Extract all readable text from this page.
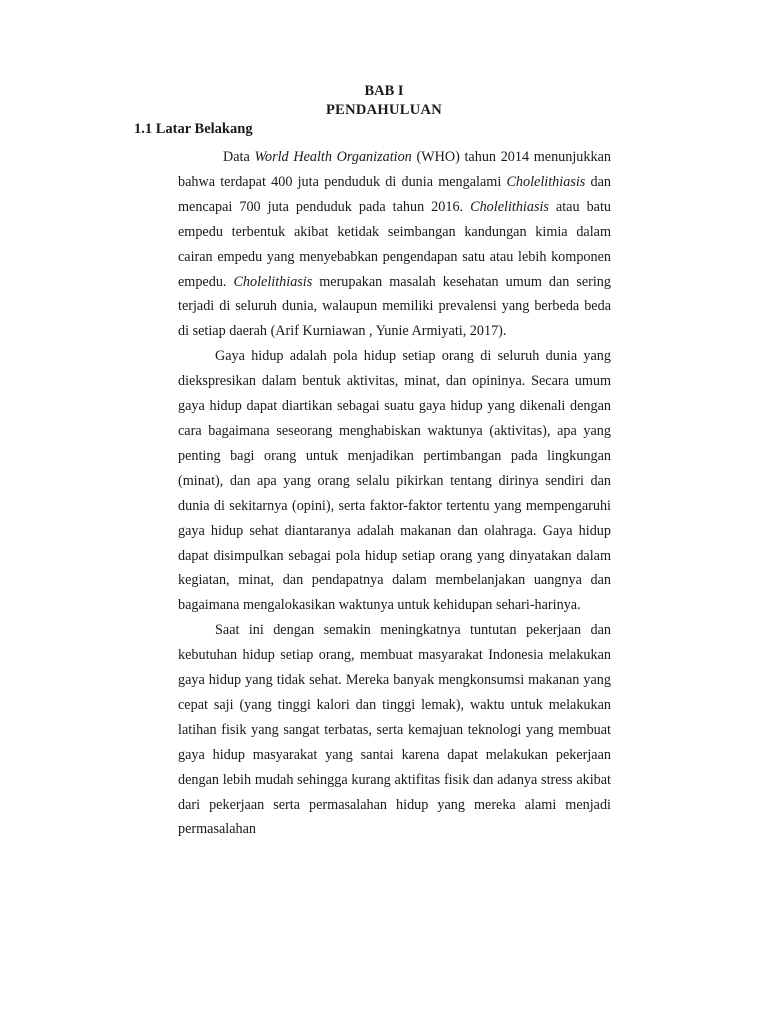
BAB I
PENDAHULUAN
1.1 Latar Belakang

Data World Health Organization (WHO) tahun 2014 menunjukkan bahwa terdapat 400 juta penduduk di dunia mengalami Cholelithiasis dan mencapai 700 juta penduduk pada tahun 2016. Cholelithiasis atau batu empedu terbentuk akibat ketidak seimbangan kandungan kimia dalam cairan empedu yang menyebabkan pengendapan satu atau lebih komponen empedu. Cholelithiasis merupakan masalah kesehatan umum dan sering terjadi di seluruh dunia, walaupun memiliki prevalensi yang berbeda beda di setiap daerah (Arif Kurniawan , Yunie Armiyati, 2017).

Gaya hidup adalah pola hidup setiap orang di seluruh dunia yang diekspresikan dalam bentuk aktivitas, minat, dan opininya. Secara umum gaya hidup dapat diartikan sebagai suatu gaya hidup yang dikenali dengan cara bagaimana seseorang menghabiskan waktunya (aktivitas), apa yang penting bagi orang untuk menjadikan pertimbangan pada lingkungan (minat), dan apa yang orang selalu pikirkan tentang dirinya sendiri dan dunia di sekitarnya (opini), serta faktor-faktor tertentu yang mempengaruhi gaya hidup sehat diantaranya adalah makanan dan olahraga. Gaya hidup dapat disimpulkan sebagai pola hidup setiap orang yang dinyatakan dalam kegiatan, minat, dan pendapatnya dalam membelanjakan uangnya dan bagaimana mengalokasikan waktunya untuk kehidupan sehari-harinya.

Saat ini dengan semakin meningkatnya tuntutan pekerjaan dan kebutuhan hidup setiap orang, membuat masyarakat Indonesia melakukan gaya hidup yang tidak sehat. Mereka banyak mengkonsumsi makanan yang cepat saji (yang tinggi kalori dan tinggi lemak), waktu untuk melakukan latihan fisik yang sangat terbatas, serta kemajuan teknologi yang membuat gaya hidup masyarakat yang santai karena dapat melakukan pekerjaan dengan lebih mudah sehingga kurang aktifitas fisik dan adanya stress akibat dari pekerjaan serta permasalahan hidup yang mereka alami menjadi permasalahan
